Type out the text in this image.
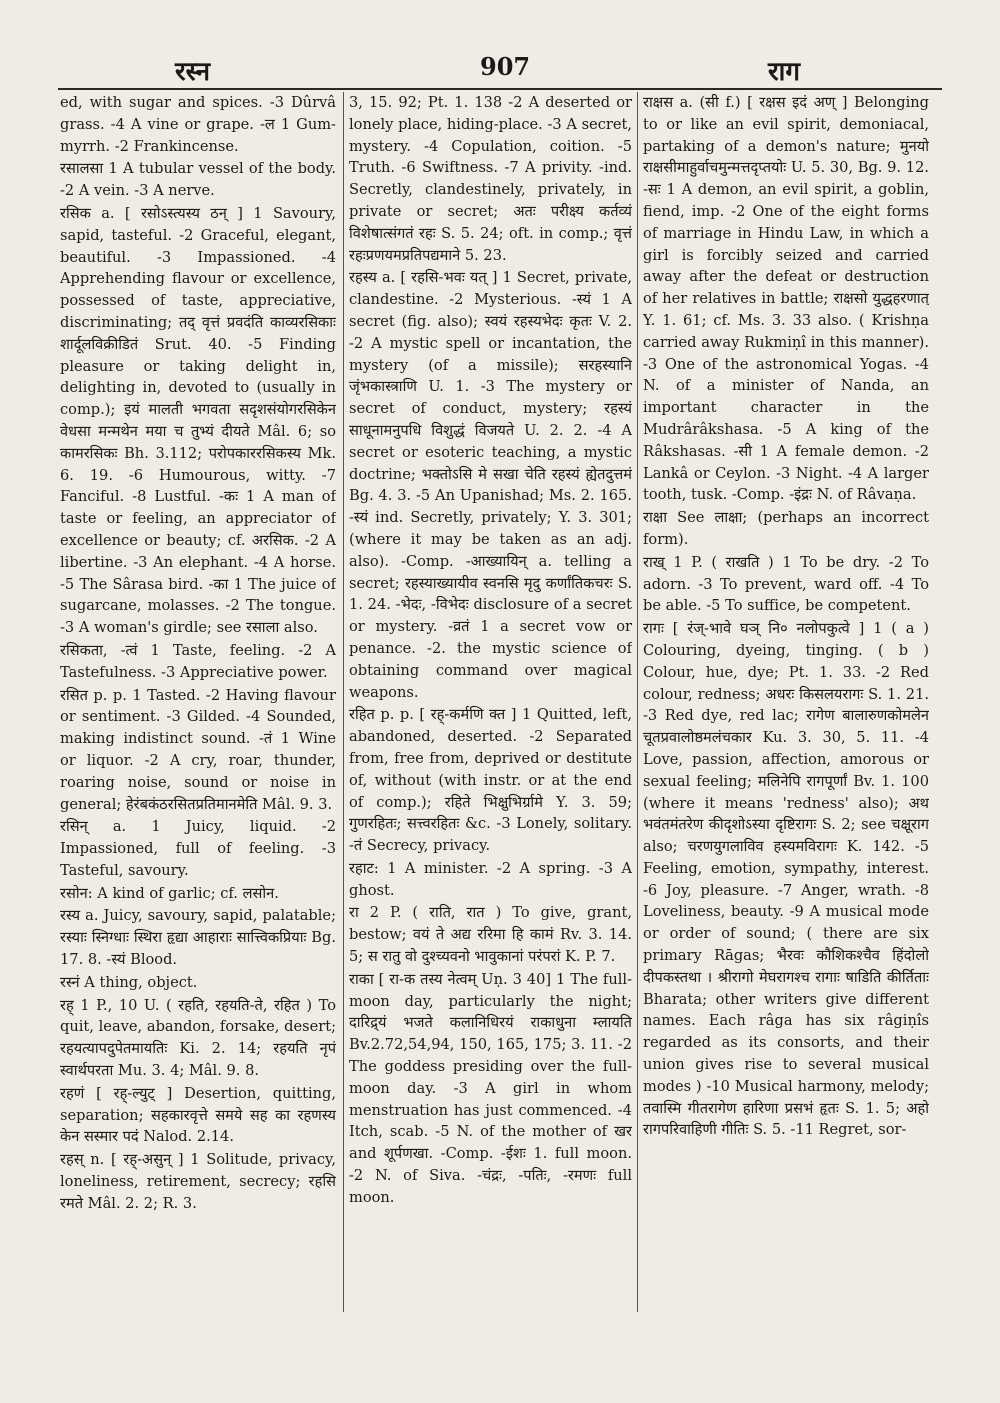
रस्न	907	राग

ed, with sugar and spices. -3 Dûrvâ grass. -4 A vine or grape. -ल 1 Gum-myrrh. -2 Frankincense.

रसालसा 1 A tubular vessel of the body. -2 A vein. -3 A nerve.

रसिक a. [ रसोऽस्त्यस्य ठन् ] 1 Savoury, sapid, tasteful. -2 Graceful, elegant, beautiful. -3 Impassioned. -4 Apprehending flavour or excellence, possessed of taste, appreciative, discriminating; तद् वृत्तं प्रवदंति काव्यरसिकाः शार्दूलविक्रीडितं Srut. 40. -5 Finding pleasure or taking delight in, delighting in, devoted to (usually in comp.); इयं मालती भगवता सदृशसंयोगरसिकेन वेधसा मन्मथेन मया च तुभ्यं दीयते Mâl. 6; so कामरसिकः Bh. 3.112; परोपकाररसिकस्य Mk. 6. 19. -6 Humourous, witty. -7 Fanciful. -8 Lustful. -कः 1 A man of taste or feeling, an appreciator of excellence or beauty; cf. अरसिक. -2 A libertine. -3 An elephant. -4 A horse. -5 The Sârasa bird. -का 1 The juice of sugarcane, molasses. -2 The tongue. -3 A woman's girdle; see रसाला also.

रसिकता, -त्वं 1 Taste, feeling. -2 A Tastefulness. -3 Appreciative power.

रसित p. p. 1 Tasted. -2 Having flavour or sentiment. -3 Gilded. -4 Sounded, making indistinct sound. -तं 1 Wine or liquor. -2 A cry, roar, thunder, roaring noise, sound or noise in general; हेरंबकंठरसितप्रतिमानमेति Mâl. 9. 3.

रसिन् a. 1 Juicy, liquid. -2 Impassioned, full of feeling. -3 Tasteful, savoury.

रसोन: A kind of garlic; cf. लसोन.

रस्य a. Juicy, savoury, sapid, palatable; रस्याः स्निग्धाः स्थिरा हृद्या आहाराः सात्त्विकप्रियाः Bg. 17. 8. -स्यं Blood.

रस्नं A thing, object.

रह् 1 P., 10 U. ( रहति, रहयति-ते, रहित ) To quit, leave, abandon, forsake, desert; रहयत्यापदुपेतमायतिः Ki. 2. 14; रहयति नृपं स्वार्थपरता Mu. 3. 4; Mâl. 9. 8.

रहणं [ रह्-ल्युट् ] Desertion, quitting, separation; सहकारवृत्ते समये सह का रहणस्य केन सस्मार पदं Nalod. 2.14.

रहस् n. [ रह्-असुन् ] 1 Solitude, privacy, loneliness, retirement, secrecy; रहसि रमते Mâl. 2. 2; R. 3.

3, 15. 92; Pt. 1. 138 -2 A deserted or lonely place, hiding-place. -3 A secret, mystery. -4 Copulation, coition. -5 Truth. -6 Swiftness. -7 A privity. -ind. Secretly, clandestinely, privately, in private or secret; अतः परीक्ष्य कर्तव्यं विशेषात्संगतं रहः S. 5. 24; oft. in comp.; वृत्तं रहःप्रणयमप्रतिपद्यमाने 5. 23.

रहस्य a. [ रहसि-भवः यत् ] 1 Secret, private, clandestine. -2 Mysterious. -स्यं 1 A secret (fig. also); स्वयं रहस्यभेदः कृतः V. 2. -2 A mystic spell or incantation, the mystery (of a missile); सरहस्यानि जृंभकास्त्राणि U. 1. -3 The mystery or secret of conduct, mystery; रहस्यं साधूनामनुपधि विशुद्धं विजयते U. 2. 2. -4 A secret or esoteric teaching, a mystic doctrine; भक्तोऽसि मे सखा चेति रहस्यं ह्येतदुत्तमं Bg. 4. 3. -5 An Upanishad; Ms. 2. 165. -स्यं ind. Secretly, privately; Y. 3. 301; (where it may be taken as an adj. also). -Comp. -आख्यायिन् a. telling a secret; रहस्याख्यायीव स्वनसि मृदु कर्णांतिकचरः S. 1. 24. -भेदः, -विभेदः disclosure of a secret or mystery. -व्रतं 1 a secret vow or penance. -2. the mystic science of obtaining command over magical weapons.

रहित p. p. [ रह्-कर्मणि क्त ] 1 Quitted, left, abandoned, deserted. -2 Separated from, free from, deprived or destitute of, without (with instr. or at the end of comp.); रहिते भिक्षुभिर्ग्रामे Y. 3. 59; गुणरहितः; सत्त्वरहितः &c. -3 Lonely, solitary. -तं Secrecy, privacy.

रहाट: 1 A minister. -2 A spring. -3 A ghost.

रा 2 P. ( राति, रात ) To give, grant, bestow; वयं ते अद्य ररिमा हि कामं Rv. 3. 14. 5; स रातु वो दुश्च्यवनो भावुकानां परंपरां K. P. 7.

राका [ रा-क तस्य नेत्वम् Uṇ. 3 40] 1 The full-moon day, particularly the night; दारिद्र्यं भजते कलानिधिरयं राकाधुना म्लायति Bv.2.72,54,94, 150, 165, 175; 3. 11. -2 The goddess presiding over the full-moon day. -3 A girl in whom menstruation has just commenced. -4 Itch, scab. -5 N. of the mother of खर and शूर्पणखा. -Comp. -ईशः 1. full moon. -2 N. of Siva. -चंद्रः, -पतिः, -रमणः full moon.

राक्षस a. (सी f.) [ रक्षस इदं अण् ] Belonging to or like an evil spirit, demoniacal, partaking of a demon's nature; मुनयो राक्षसीमाहुर्वाचमुन्मत्तदृप्तयोः U. 5. 30, Bg. 9. 12. -सः 1 A demon, an evil spirit, a goblin, fiend, imp. -2 One of the eight forms of marriage in Hindu Law, in which a girl is forcibly seized and carried away after the defeat or destruction of her relatives in battle; राक्षसो युद्धहरणात् Y. 1. 61; cf. Ms. 3. 33 also. ( Krishṇa carried away Rukmiṇî in this manner). -3 One of the astronomical Yogas. -4 N. of a minister of Nanda, an important character in the Mudrârâkshasa. -5 A king of the Râkshasas. -सी 1 A female demon. -2 Lankâ or Ceylon. -3 Night. -4 A larger tooth, tusk. -Comp. -इंद्रः N. of Râvaṇa.

राक्षा See लाक्षा; (perhaps an incorrect form).

राख् 1 P. ( राखति ) 1 To be dry. -2 To adorn. -3 To prevent, ward off. -4 To be able. -5 To suffice, be competent.

रागः [ रंज्-भावे घञ् नि० नलोपकुत्वे ] 1 ( a ) Colouring, dyeing, tinging. ( b ) Colour, hue, dye; Pt. 1. 33. -2 Red colour, redness; अधरः किसलयरागः S. 1. 21. -3 Red dye, red lac; रागेण बालारुणकोमलेन चूतप्रवालोष्ठमलंचकार Ku. 3. 30, 5. 11. -4 Love, passion, affection, amorous or sexual feeling; मलिनेपि रागपूर्णां Bv. 1. 100 (where it means 'redness' also); अथ भवंतमंतरेण कीदृशोऽस्या दृष्टिरागः S. 2; see चक्षूराग also; चरणयुगलाविव हस्यमविरागः K. 142. -5 Feeling, emotion, sympathy, interest. -6 Joy, pleasure. -7 Anger, wrath. -8 Loveliness, beauty. -9 A musical mode or order of sound; ( there are six primary Rāgas; भैरवः कौशिकश्चैव हिंदोलो दीपकस्तथा । श्रीरागो मेघरागश्च रागाः षाडिति कीर्तिताः Bharata; other writers give different names. Each râga has six râgiṇîs regarded as its consorts, and their union gives rise to several musical modes ) -10 Musical harmony, melody; तवास्मि गीतरागेण हारिणा प्रसभं हृतः S. 1. 5; अहो रागपरिवाहिणी गीतिः S. 5. -11 Regret, sor-
